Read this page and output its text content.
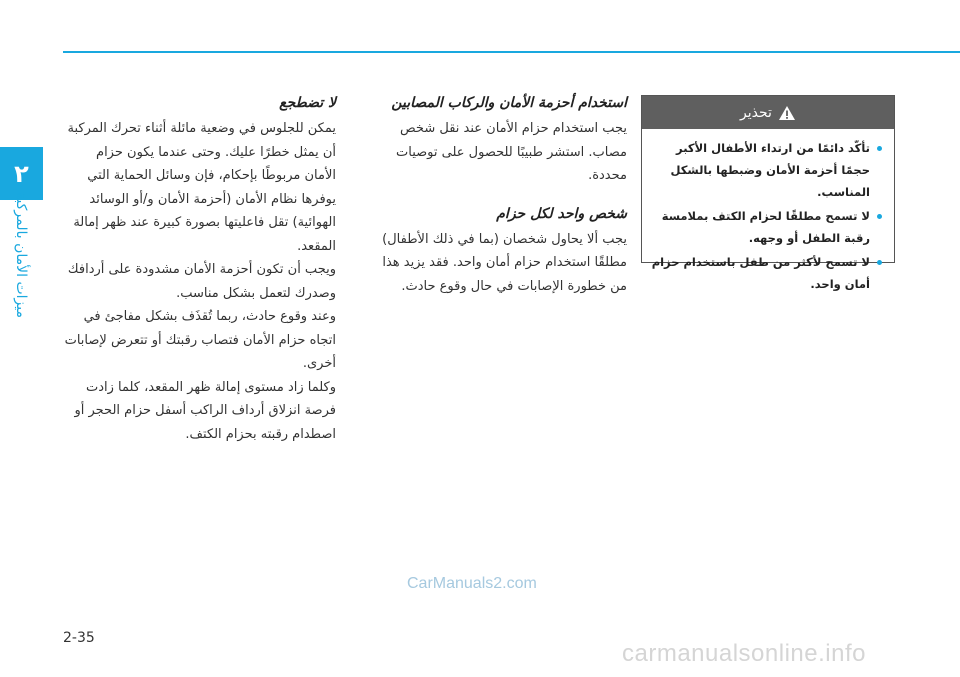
٢
ميزات الأمان بالمركبة
لا تضطجع

يمكن للجلوس في وضعية مائلة أثناء تحرك المركبة أن يمثل خطرًا عليك. وحتى عندما يكون حزام الأمان مربوطًا بإحكام، فإن وسائل الحماية التي يوفرها نظام الأمان (أحزمة الأمان و/أو الوسائد الهوائية) تقل فاعليتها بصورة كبيرة عند ظهر إمالة المقعد.

ويجب أن تكون أحزمة الأمان مشدودة على أردافك وصدرك لتعمل بشكل مناسب.

وعند وقوع حادث، ربما تُقذَف بشكل مفاجئ في اتجاه حزام الأمان فتصاب رقبتك أو تتعرض لإصابات أخرى.

وكلما زاد مستوى إمالة ظهر المقعد، كلما زادت فرصة انزلاق أرداف الراكب أسفل حزام الحجر أو اصطدام رقبته بحزام الكتف.

استخدام أحزمة الأمان والركاب المصابين

يجب استخدام حزام الأمان عند نقل شخص مصاب. استشر طبيبًا للحصول على توصيات محددة.

شخص واحد لكل حزام

يجب ألا يحاول شخصان (بما في ذلك الأطفال) مطلقًا استخدام حزام أمان واحد. فقد يزيد هذا من خطورة الإصابات في حال وقوع حادث.

تحذير
تأكّد دائمًا من ارتداء الأطفال الأكبر حجمًا أحزمة الأمان وضبطها بالشكل المناسب.
لا تسمح مطلقًا لحزام الكتف بملامسة رقبة الطفل أو وجهه.
لا تسمح لأكثر من طفل باستخدام حزام أمان واحد.
CarManuals2.com
2-35
carmanualsonline.info
